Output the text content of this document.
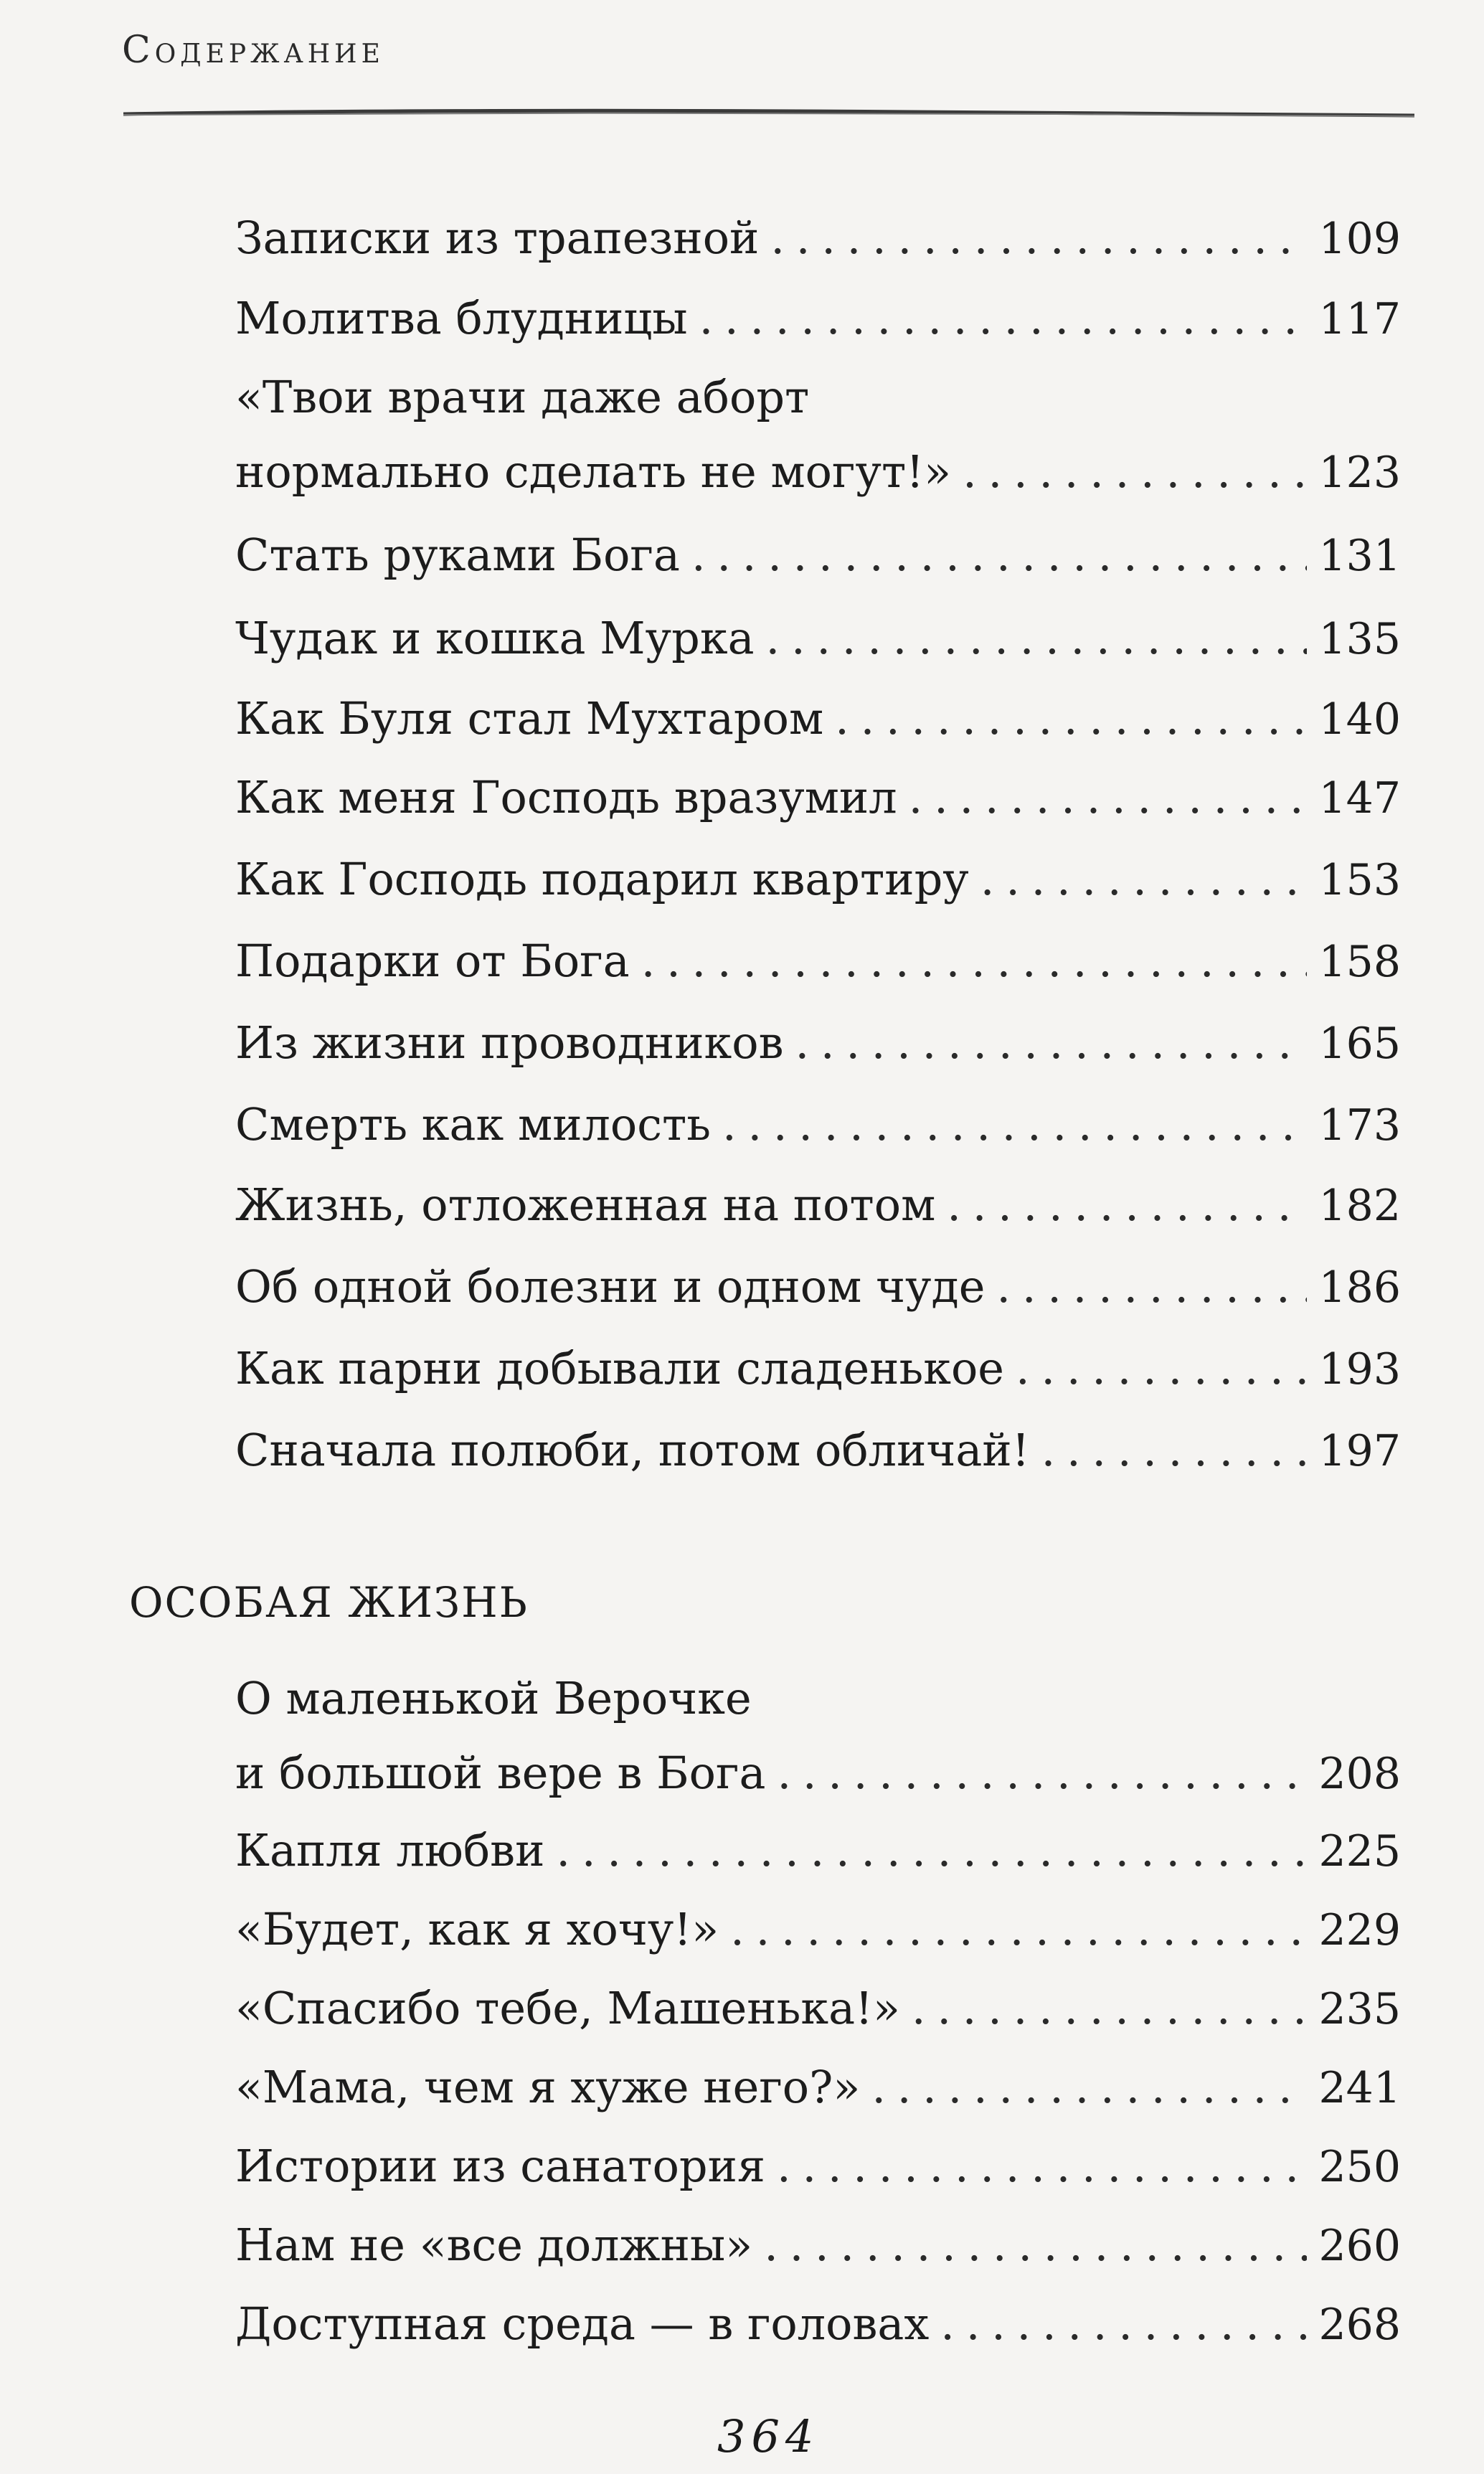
Содержание
Записки из трапезной . . .	109
Молитва блудницы . . .	117
«Твои врачи даже аборт
нормально сделать не могут!» . . .	123
Стать руками Бога . . .	131
Чудак и кошка Мурка . . .	135
Как Буля стал Мухтаром . . .	140
Как меня Господь вразумил . . .	147
Как Господь подарил квартиру . . .	153
Подарки от Бога . . .	158
Из жизни проводников . . .	165
Смерть как милость . . .	173
Жизнь, отложенная на потом . . .	182
Об одной болезни и одном чуде . . .	186
Как парни добывали сладенькое . . .	193
Сначала полюби, потом обличай! . . .	197
ОСОБАЯ ЖИЗНЬ
О маленькой Верочке
и большой вере в Бога . . .	208
Капля любви . . .	225
«Будет, как я хочу!» . . .	229
«Спасибо тебе, Машенька!» . . .	235
«Мама, чем я хуже него?» . . .	241
Истории из санатория . . .	250
Нам не «все должны» . . .	260
Доступная среда — в головах . . .	268
364
